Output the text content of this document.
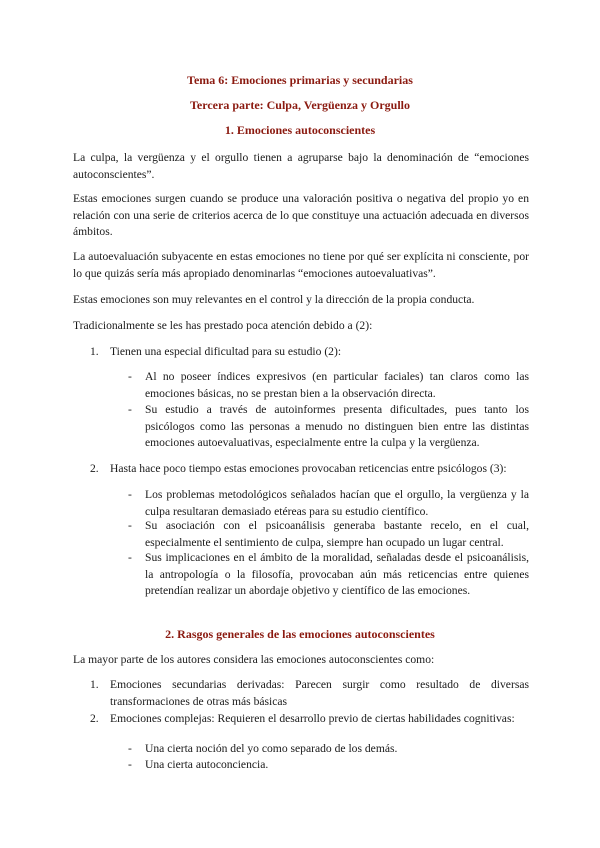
Tema 6: Emociones primarias y secundarias

Tercera parte: Culpa, Vergüenza y Orgullo

1. Emociones autoconscientes

La culpa, la vergüenza y el orgullo tienen a agruparse bajo la denominación de “emociones autoconscientes”.

Estas emociones surgen cuando se produce una valoración positiva o negativa del propio yo en relación con una serie de criterios acerca de lo que constituye una actuación adecuada en diversos ámbitos.

La autoevaluación subyacente en estas emociones no tiene por qué ser explícita ni consciente, por lo que quizás sería más apropiado denominarlas “emociones autoevaluativas”.

Estas emociones son muy relevantes en el control y la dirección de la propia conducta.

Tradicionalmente se les has prestado poca atención debido a (2):

1. Tienen una especial dificultad para su estudio (2):

-	Al no poseer índices expresivos (en particular faciales) tan claros como las emociones básicas, no se prestan bien a la observación directa.

-	Su estudio a través de autoinformes presenta dificultades, pues tanto los psicólogos como las personas a menudo no distinguen bien entre las distintas emociones autoevaluativas, especialmente entre la culpa y la vergüenza.

2. Hasta hace poco tiempo estas emociones provocaban reticencias entre psicólogos (3):

-	Los problemas metodológicos señalados hacían que el orgullo, la vergüenza y la culpa resultaran demasiado etéreas para su estudio científico.

-	Su asociación con el psicoanálisis generaba bastante recelo, en el cual, especialmente el sentimiento de culpa, siempre han ocupado un lugar central.

-	Sus implicaciones en el ámbito de la moralidad, señaladas desde el psicoanálisis, la antropología o la filosofía, provocaban aún más reticencias entre quienes pretendían realizar un abordaje objetivo y científico de las emociones.

2. Rasgos generales de las emociones autoconscientes

La mayor parte de los autores considera las emociones autoconscientes como:

1. Emociones secundarias derivadas: Parecen surgir como resultado de diversas transformaciones de otras más básicas

2. Emociones complejas: Requieren el desarrollo previo de ciertas habilidades cognitivas:

-	Una cierta noción del yo como separado de los demás.

-	Una cierta autoconciencia.
